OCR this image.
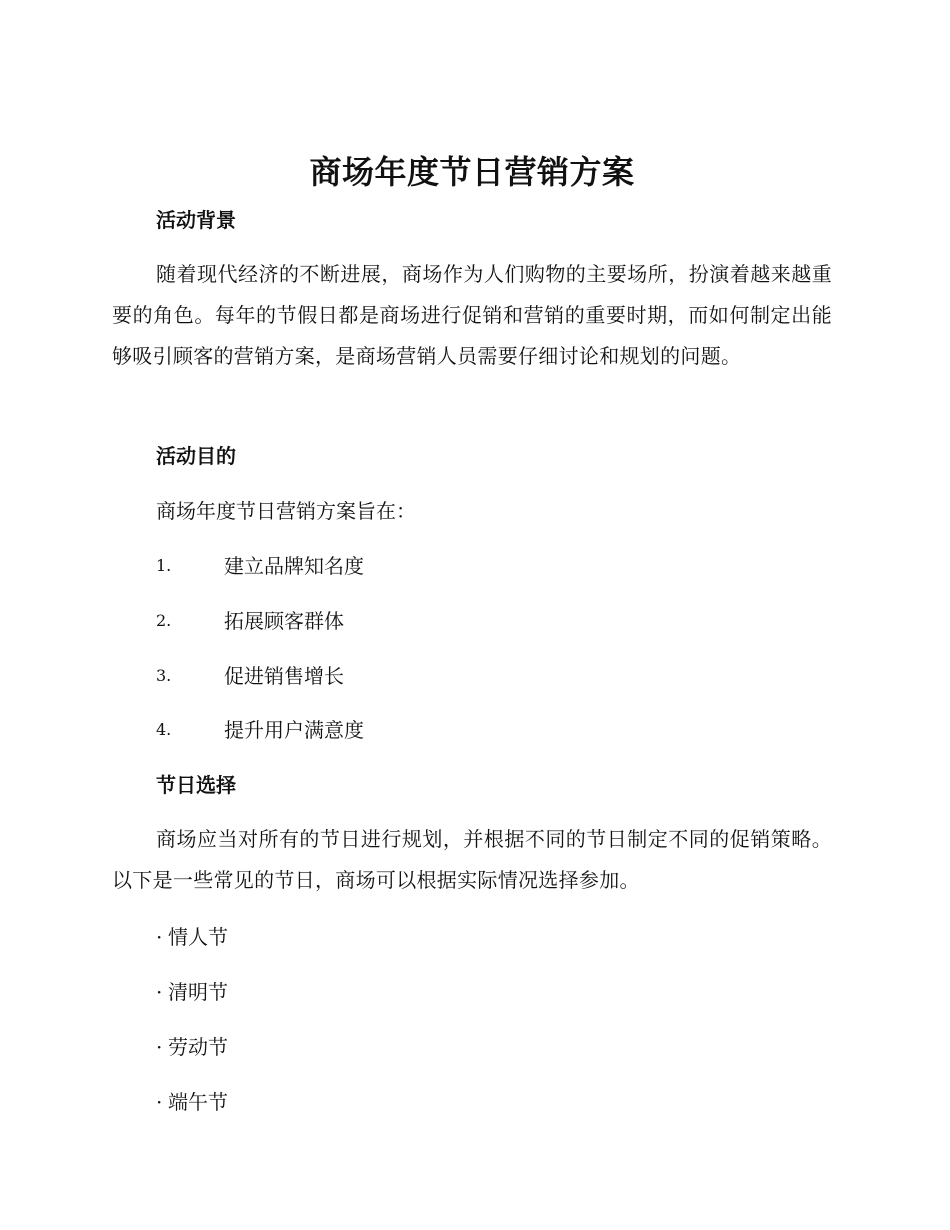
商场年度节日营销方案
活动背景
随着现代经济的不断进展，商场作为人们购物的主要场所，扮演着越来越重要的角色。每年的节假日都是商场进行促销和营销的重要时期，而如何制定出能够吸引顾客的营销方案，是商场营销人员需要仔细讨论和规划的问题。
活动目的
商场年度节日营销方案旨在：
1.	建立品牌知名度
2.	拓展顾客群体
3.	促进销售增长
4.	提升用户满意度
节日选择
商场应当对所有的节日进行规划，并根据不同的节日制定不同的促销策略。以下是一些常见的节日，商场可以根据实际情况选择参加。
· 情人节
· 清明节
· 劳动节
· 端午节
